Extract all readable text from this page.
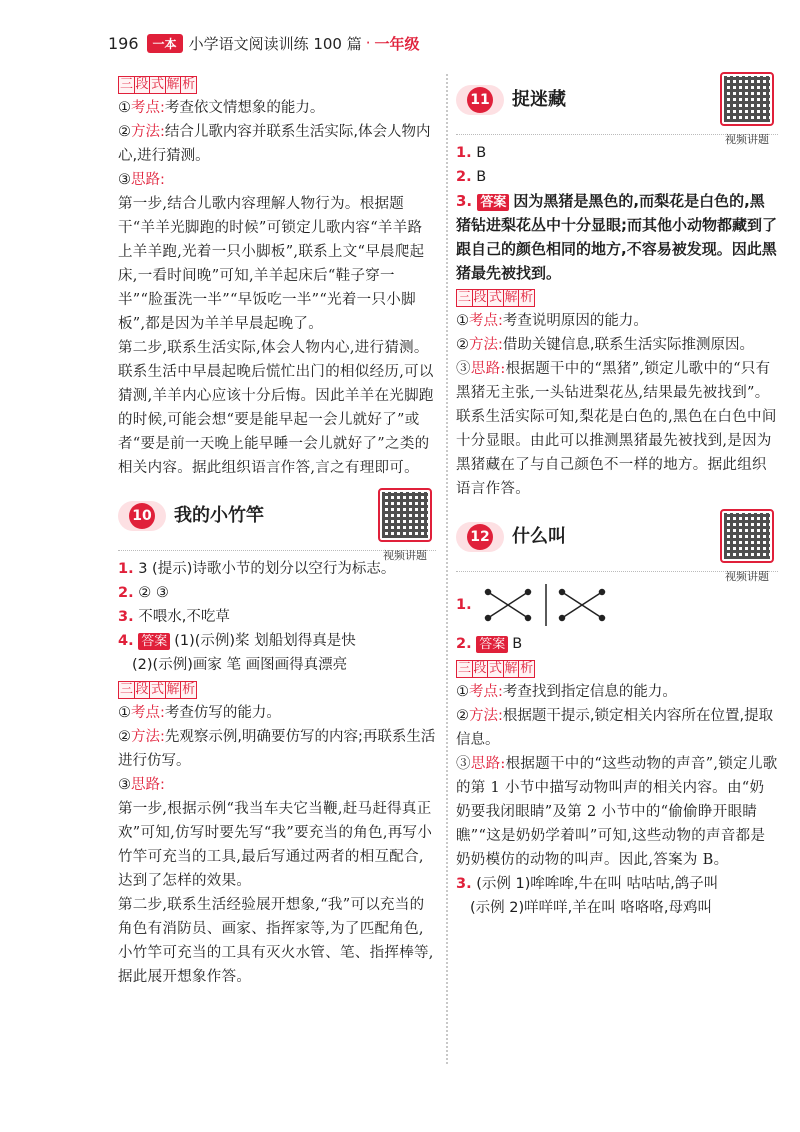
196	一本 小学语文阅读训练 100 篇 · 一年级
三 段 式 解 析

①考点:考查依文情想象的能力。

②方法:结合儿歌内容并联系生活实际,体会人物内心,进行猜测。

③思路:

第一步,结合儿歌内容理解人物行为。根据题干“羊羊光脚跑的时候”可锁定儿歌内容“羊羊路上羊羊跑,光着一只小脚板”,联系上文“早晨爬起床,一看时间晚”可知,羊羊起床后“鞋子穿一半”“脸蛋洗一半”“早饭吃一半”“光着一只小脚板”,都是因为羊羊早晨起晚了。

第二步,联系生活实际,体会人物内心,进行猜测。联系生活中早晨起晚后慌忙出门的相似经历,可以猜测,羊羊内心应该十分后悔。因此羊羊在光脚跑的时候,可能会想“要是能早起一会儿就好了”或者“要是前一天晚上能早睡一会儿就好了”之类的相关内容。据此组织语言作答,言之有理即可。

10 我的小竹竿
视频讲题

1. 3 (提示)诗歌小节的划分以空行为标志。

2. ② ③

3. 不喂水,不吃草

4. 答案 (1)(示例)桨 划船划得真是快

(2)(示例)画家 笔 画图画得真漂亮

三 段 式 解 析

①考点:考查仿写的能力。

②方法:先观察示例,明确要仿写的内容;再联系生活进行仿写。

③思路:

第一步,根据示例“我当车夫它当鞭,赶马赶得真正欢”可知,仿写时要先写“我”要充当的角色,再写小竹竿可充当的工具,最后写通过两者的相互配合,达到了怎样的效果。

第二步,联系生活经验展开想象,“我”可以充当的角色有消防员、画家、指挥家等,为了匹配角色,小竹竿可充当的工具有灭火水管、笔、指挥棒等,据此展开想象作答。

11 捉迷藏
视频讲题

1. B

2. B

3. 答案 因为黑猪是黑色的,而梨花是白色的,黑猪钻进梨花丛中十分显眼;而其他小动物都藏到了跟自己的颜色相同的地方,不容易被发现。因此黑猪最先被找到。

三 段 式 解 析

①考点:考查说明原因的能力。

②方法:借助关键信息,联系生活实际推测原因。

③思路:根据题干中的“黑猪”,锁定儿歌中的“只有黑猪无主张,一头钻进梨花丛,结果最先被找到”。联系生活实际可知,梨花是白色的,黑色在白色中间十分显眼。由此可以推测黑猪最先被找到,是因为黑猪藏在了与自己颜色不一样的地方。据此组织语言作答。

12 什么叫
视频讲题
1.

2. 答案 B

三 段 式 解 析

①考点:考查找到指定信息的能力。

②方法:根据题干提示,锁定相关内容所在位置,提取信息。

③思路:根据题干中的“这些动物的声音”,锁定儿歌的第 1 小节中描写动物叫声的相关内容。由“奶奶要我闭眼睛”及第 2 小节中的“偷偷睁开眼睛瞧”“这是奶奶学着叫”可知,这些动物的声音都是奶奶模仿的动物的叫声。因此,答案为 B。

3. (示例 1)哞哞哞,牛在叫 咕咕咕,鸽子叫

(示例 2)咩咩咩,羊在叫 咯咯咯,母鸡叫
